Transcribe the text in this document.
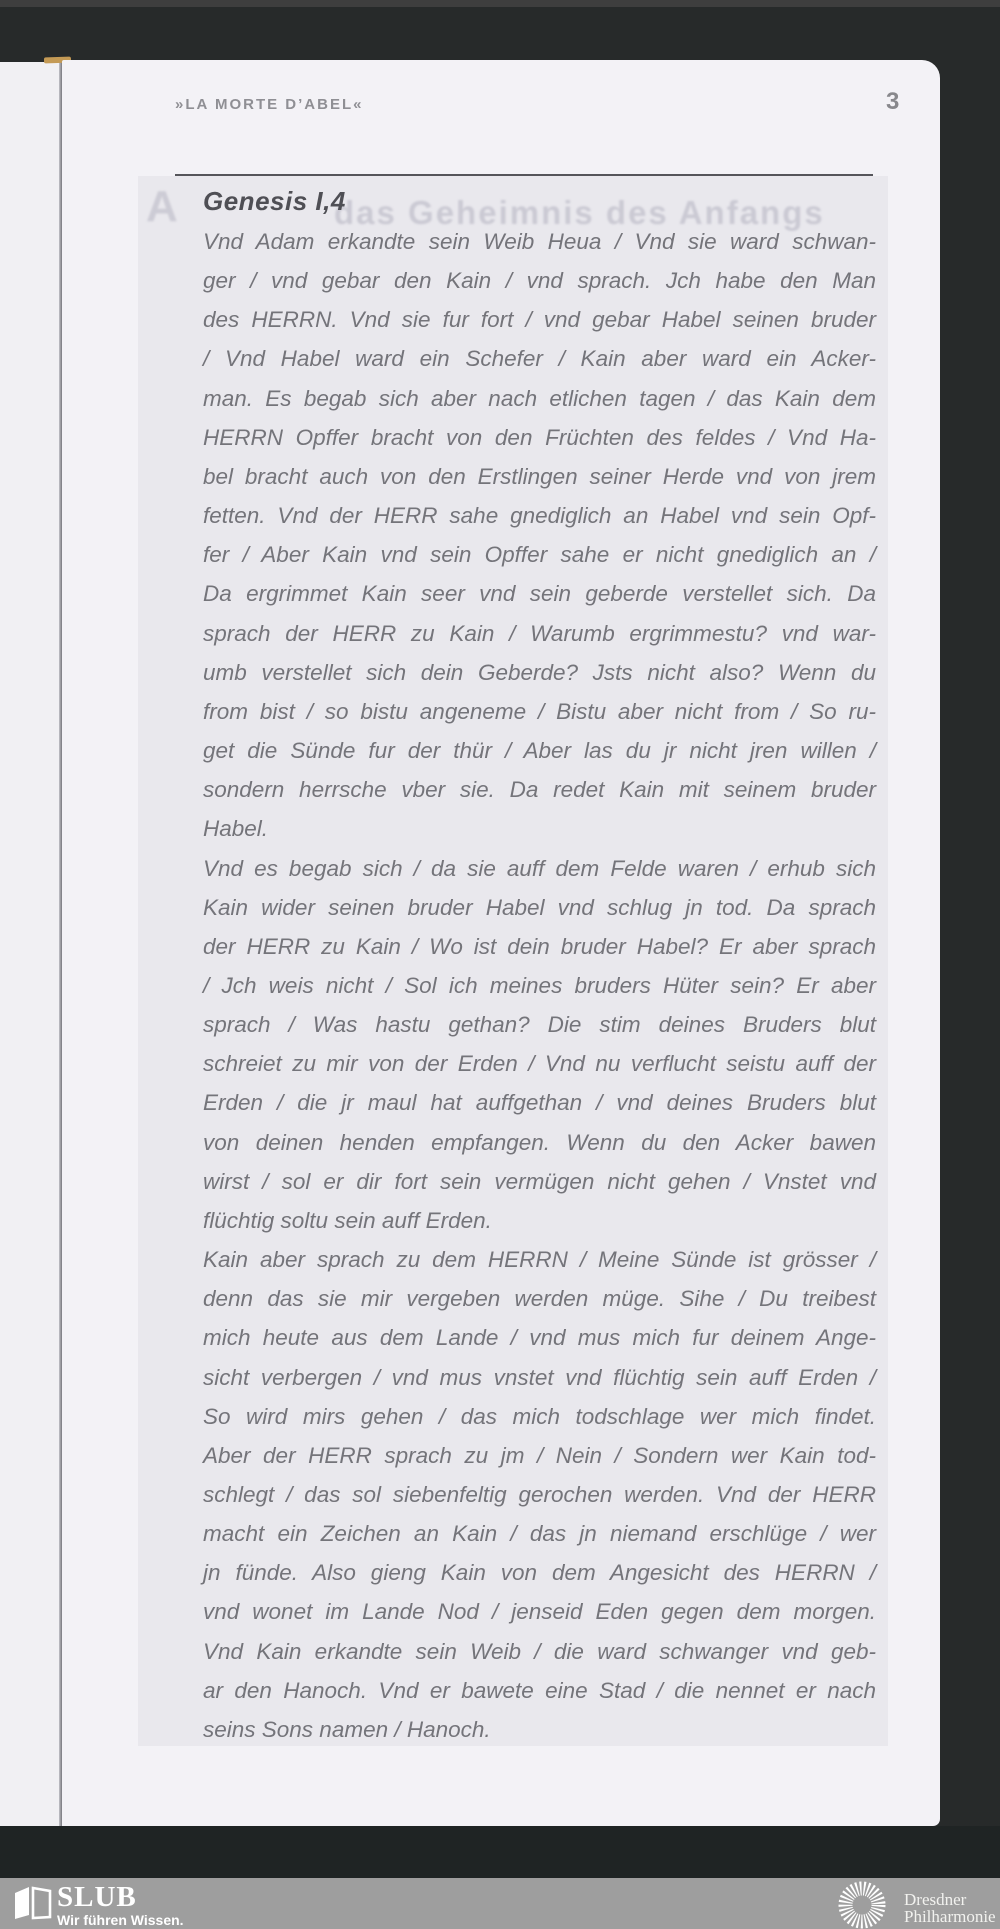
»LA MORTE D’ABEL«	3
A	das Geheimnis des Anfangs
Genesis I,4
Vnd Adam erkandte sein Weib Heua / Vnd sie ward schwan-
ger / vnd gebar den Kain / vnd sprach. Jch habe den Man
des HERRN. Vnd sie fur fort / vnd gebar Habel seinen bruder
/ Vnd Habel ward ein Schefer / Kain aber ward ein Acker-
man. Es begab sich aber nach etlichen tagen / das Kain dem
HERRN Opffer bracht von den Früchten des feldes / Vnd Ha-
bel bracht auch von den Erstlingen seiner Herde vnd von jrem
fetten. Vnd der HERR sahe gnediglich an Habel vnd sein Opf-
fer / Aber Kain vnd sein Opffer sahe er nicht gnediglich an /
Da ergrimmet Kain seer vnd sein geberde verstellet sich. Da
sprach der HERR zu Kain / Warumb ergrimmestu? vnd war-
umb verstellet sich dein Geberde? Jsts nicht also? Wenn du
from bist / so bistu angeneme / Bistu aber nicht from / So ru-
get die Sünde fur der thür / Aber las du jr nicht jren willen /
sondern herrsche vber sie. Da redet Kain mit seinem bruder
Habel.
Vnd es begab sich / da sie auff dem Felde waren / erhub sich
Kain wider seinen bruder Habel vnd schlug jn tod. Da sprach
der HERR zu Kain / Wo ist dein bruder Habel? Er aber sprach
/ Jch weis nicht / Sol ich meines bruders Hüter sein? Er aber
sprach / Was hastu gethan? Die stim deines Bruders blut
schreiet zu mir von der Erden / Vnd nu verflucht seistu auff der
Erden / die jr maul hat auffgethan / vnd deines Bruders blut
von deinen henden empfangen. Wenn du den Acker bawen
wirst / sol er dir fort sein vermügen nicht gehen / Vnstet vnd
flüchtig soltu sein auff Erden.
Kain aber sprach zu dem HERRN / Meine Sünde ist grösser /
denn das sie mir vergeben werden müge. Sihe / Du treibest
mich heute aus dem Lande / vnd mus mich fur deinem Ange-
sicht verbergen / vnd mus vnstet vnd flüchtig sein auff Erden /
So wird mirs gehen / das mich todschlage wer mich findet.
Aber der HERR sprach zu jm / Nein / Sondern wer Kain tod-
schlegt / das sol siebenfeltig gerochen werden. Vnd der HERR
macht ein Zeichen an Kain / das jn niemand erschlüge / wer
jn fünde. Also gieng Kain von dem Angesicht des HERRN /
vnd wonet im Lande Nod / jenseid Eden gegen dem morgen.
Vnd Kain erkandte sein Weib / die ward schwanger vnd geb-
ar den Hanoch. Vnd er bawete eine Stad / die nennet er nach
seins Sons namen / Hanoch.
SLUB
Wir führen Wissen.
Dresdner
Philharmonie
